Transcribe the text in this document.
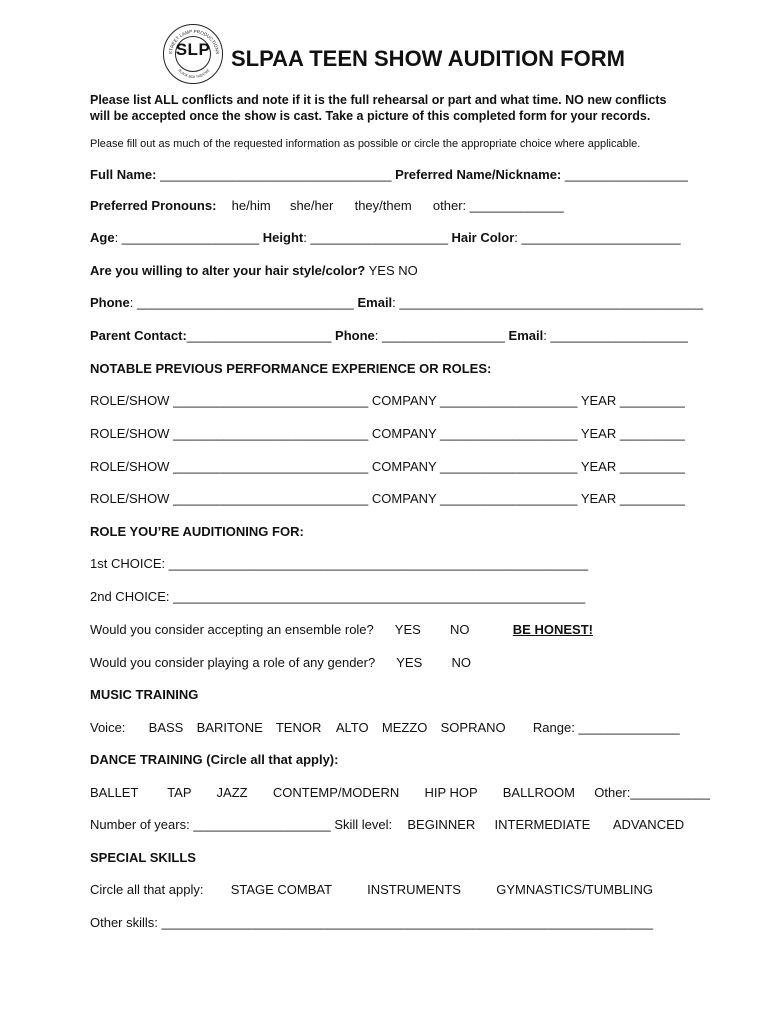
STREET LAMP PRODUCTIONS
BLACK BOX THEATRE
SLP SLPAA TEEN SHOW AUDITION FORM
Please list ALL conflicts and note if it is the full rehearsal or part and what time. NO new conflicts
will be accepted once the show is cast. Take a picture of this completed form for your records.
Please fill out as much of the requested information as possible or circle the appropriate choice where applicable.
Full Name: ________________________________ Preferred Name/Nickname: _________________
Preferred Pronouns: he/him she/her they/them other: _____________
Age: ___________________ Height: ___________________ Hair Color: ______________________
Are you willing to alter your hair style/color? YES NO
Phone: ______________________________ Email: __________________________________________
Parent Contact:____________________ Phone: _________________ Email: ___________________
NOTABLE PREVIOUS PERFORMANCE EXPERIENCE OR ROLES:
ROLE/SHOW ___________________________ COMPANY ___________________ YEAR _________
ROLE/SHOW ___________________________ COMPANY ___________________ YEAR _________
ROLE/SHOW ___________________________ COMPANY ___________________ YEAR _________
ROLE/SHOW ___________________________ COMPANY ___________________ YEAR _________
ROLE YOU’RE AUDITIONING FOR:
1st CHOICE: __________________________________________________________
2nd CHOICE: _________________________________________________________
Would you consider accepting an ensemble role? YES NO	BE HONEST!
Would you consider playing a role of any gender? YES NO
MUSIC TRAINING
Voice: BASS BARITONE TENOR ALTO MEZZO SOPRANO Range: ______________
DANCE TRAINING (Circle all that apply):
BALLET TAP JAZZ CONTEMP/MODERN HIP HOP BALLROOM Other:___________
Number of years: ___________________ Skill level: BEGINNER INTERMEDIATE ADVANCED
SPECIAL SKILLS
Circle all that apply: STAGE COMBAT	INSTRUMENTS	GYMNASTICS/TUMBLING
Other skills: ____________________________________________________________________
